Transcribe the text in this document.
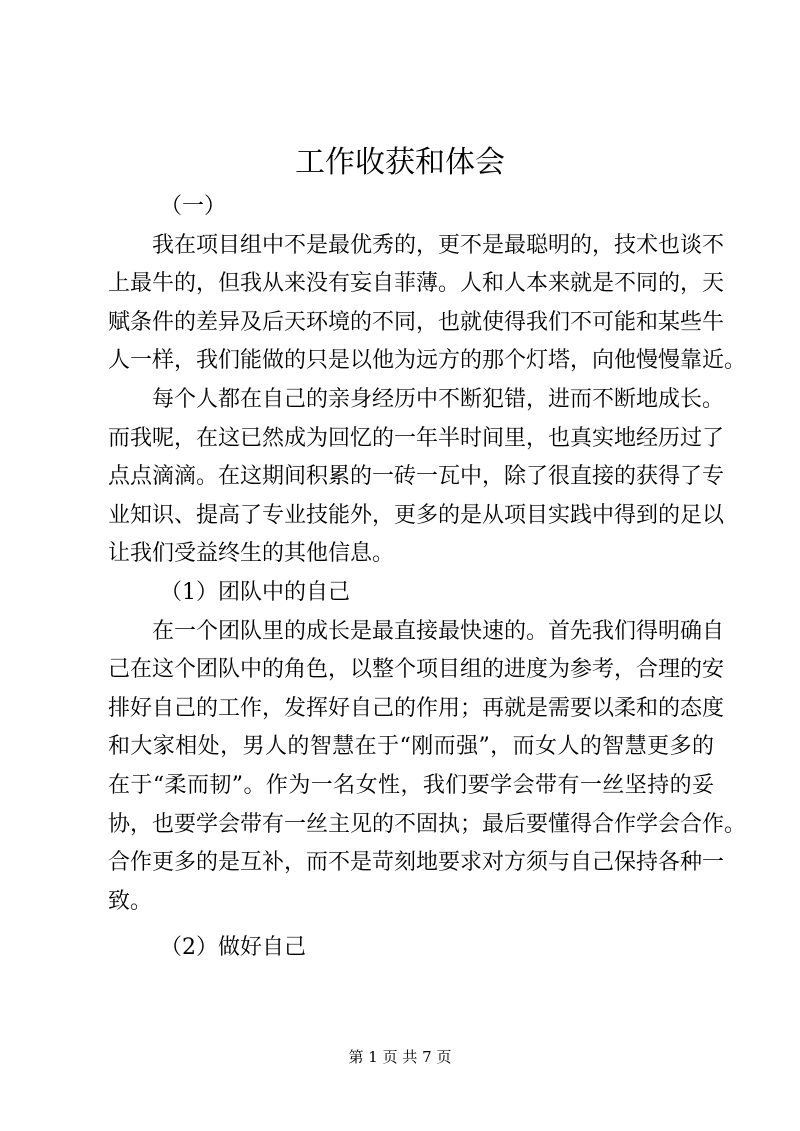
工作收获和体会
（一）
我在项目组中不是最优秀的，更不是最聪明的，技术也谈不
上最牛的，但我从来没有妄自菲薄。人和人本来就是不同的，天
赋条件的差异及后天环境的不同，也就使得我们不可能和某些牛
人一样，我们能做的只是以他为远方的那个灯塔，向他慢慢靠近。
每个人都在自己的亲身经历中不断犯错，进而不断地成长。
而我呢，在这已然成为回忆的一年半时间里，也真实地经历过了
点点滴滴。在这期间积累的一砖一瓦中，除了很直接的获得了专
业知识、提高了专业技能外，更多的是从项目实践中得到的足以
让我们受益终生的其他信息。
（1）团队中的自己
在一个团队里的成长是最直接最快速的。首先我们得明确自
己在这个团队中的角色，以整个项目组的进度为参考，合理的安
排好自己的工作，发挥好自己的作用；再就是需要以柔和的态度
和大家相处，男人的智慧在于“刚而强”，而女人的智慧更多的
在于“柔而韧”。作为一名女性，我们要学会带有一丝坚持的妥
协，也要学会带有一丝主见的不固执；最后要懂得合作学会合作。
合作更多的是互补，而不是苛刻地要求对方须与自己保持各种一
致。
（2）做好自己
第 1 页 共 7 页
